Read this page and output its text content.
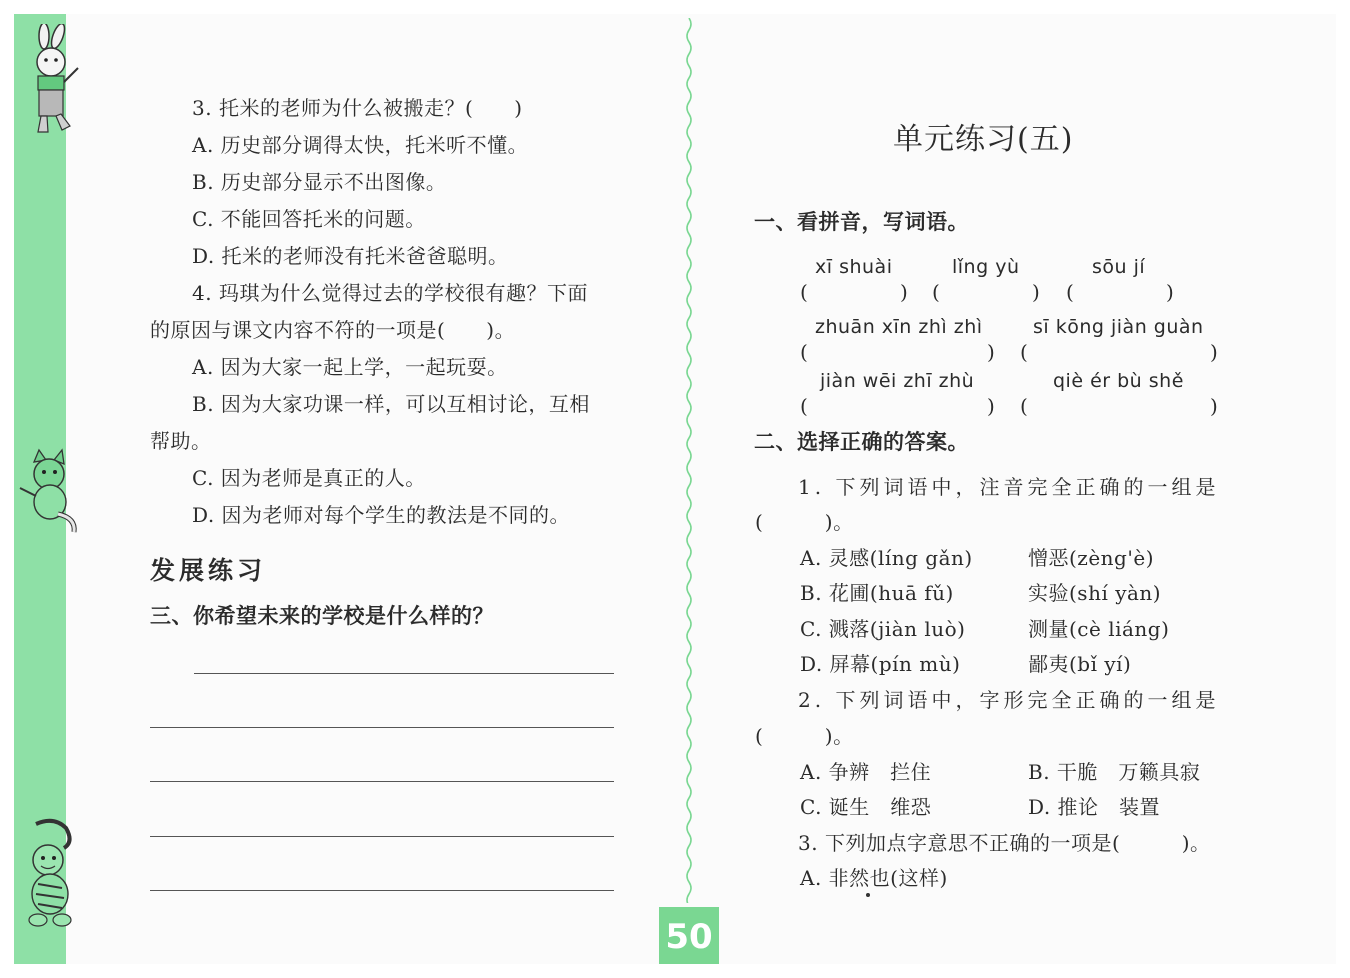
3. 托米的老师为什么被搬走？(　　)
A. 历史部分调得太快，托米听不懂。
B. 历史部分显示不出图像。
C. 不能回答托米的问题。
D. 托米的老师没有托米爸爸聪明。
4. 玛琪为什么觉得过去的学校很有趣？下面
的原因与课文内容不符的一项是(　　)。
A. 因为大家一起上学，一起玩耍。
B. 因为大家功课一样，可以互相讨论，互相
帮助。
C. 因为老师是真正的人。
D. 因为老师对每个学生的教法是不同的。
发展练习
三、你希望未来的学校是什么样的？
单元练习(五)
一、看拼音，写词语。
xī shuài	lǐng yù	sōu jí
(	) (	) (	)
zhuān xīn zhì zhì	sī kōng jiàn guàn
(	) (	)
jiàn wēi zhī zhù	qiè ér bù shě
(	) (	)
二、选择正确的答案。
1. 下列词语中，注音完全正确的一组是
(　　　)。
A. 灵感(líng gǎn)	憎恶(zèng'è)
B. 花圃(huā fǔ)	实验(shí yàn)
C. 溅落(jiàn luò)	测量(cè liáng)
D. 屏幕(pín mù)	鄙夷(bǐ yí)
2. 下列词语中，字形完全正确的一组是
(　　　)。
A. 争辨　拦住	B. 干脆　万籁具寂
C. 诞生　维恐	D. 推论　装置
3. 下列加点字意思不正确的一项是(　　　)。
A. 非然也(这样)
50
